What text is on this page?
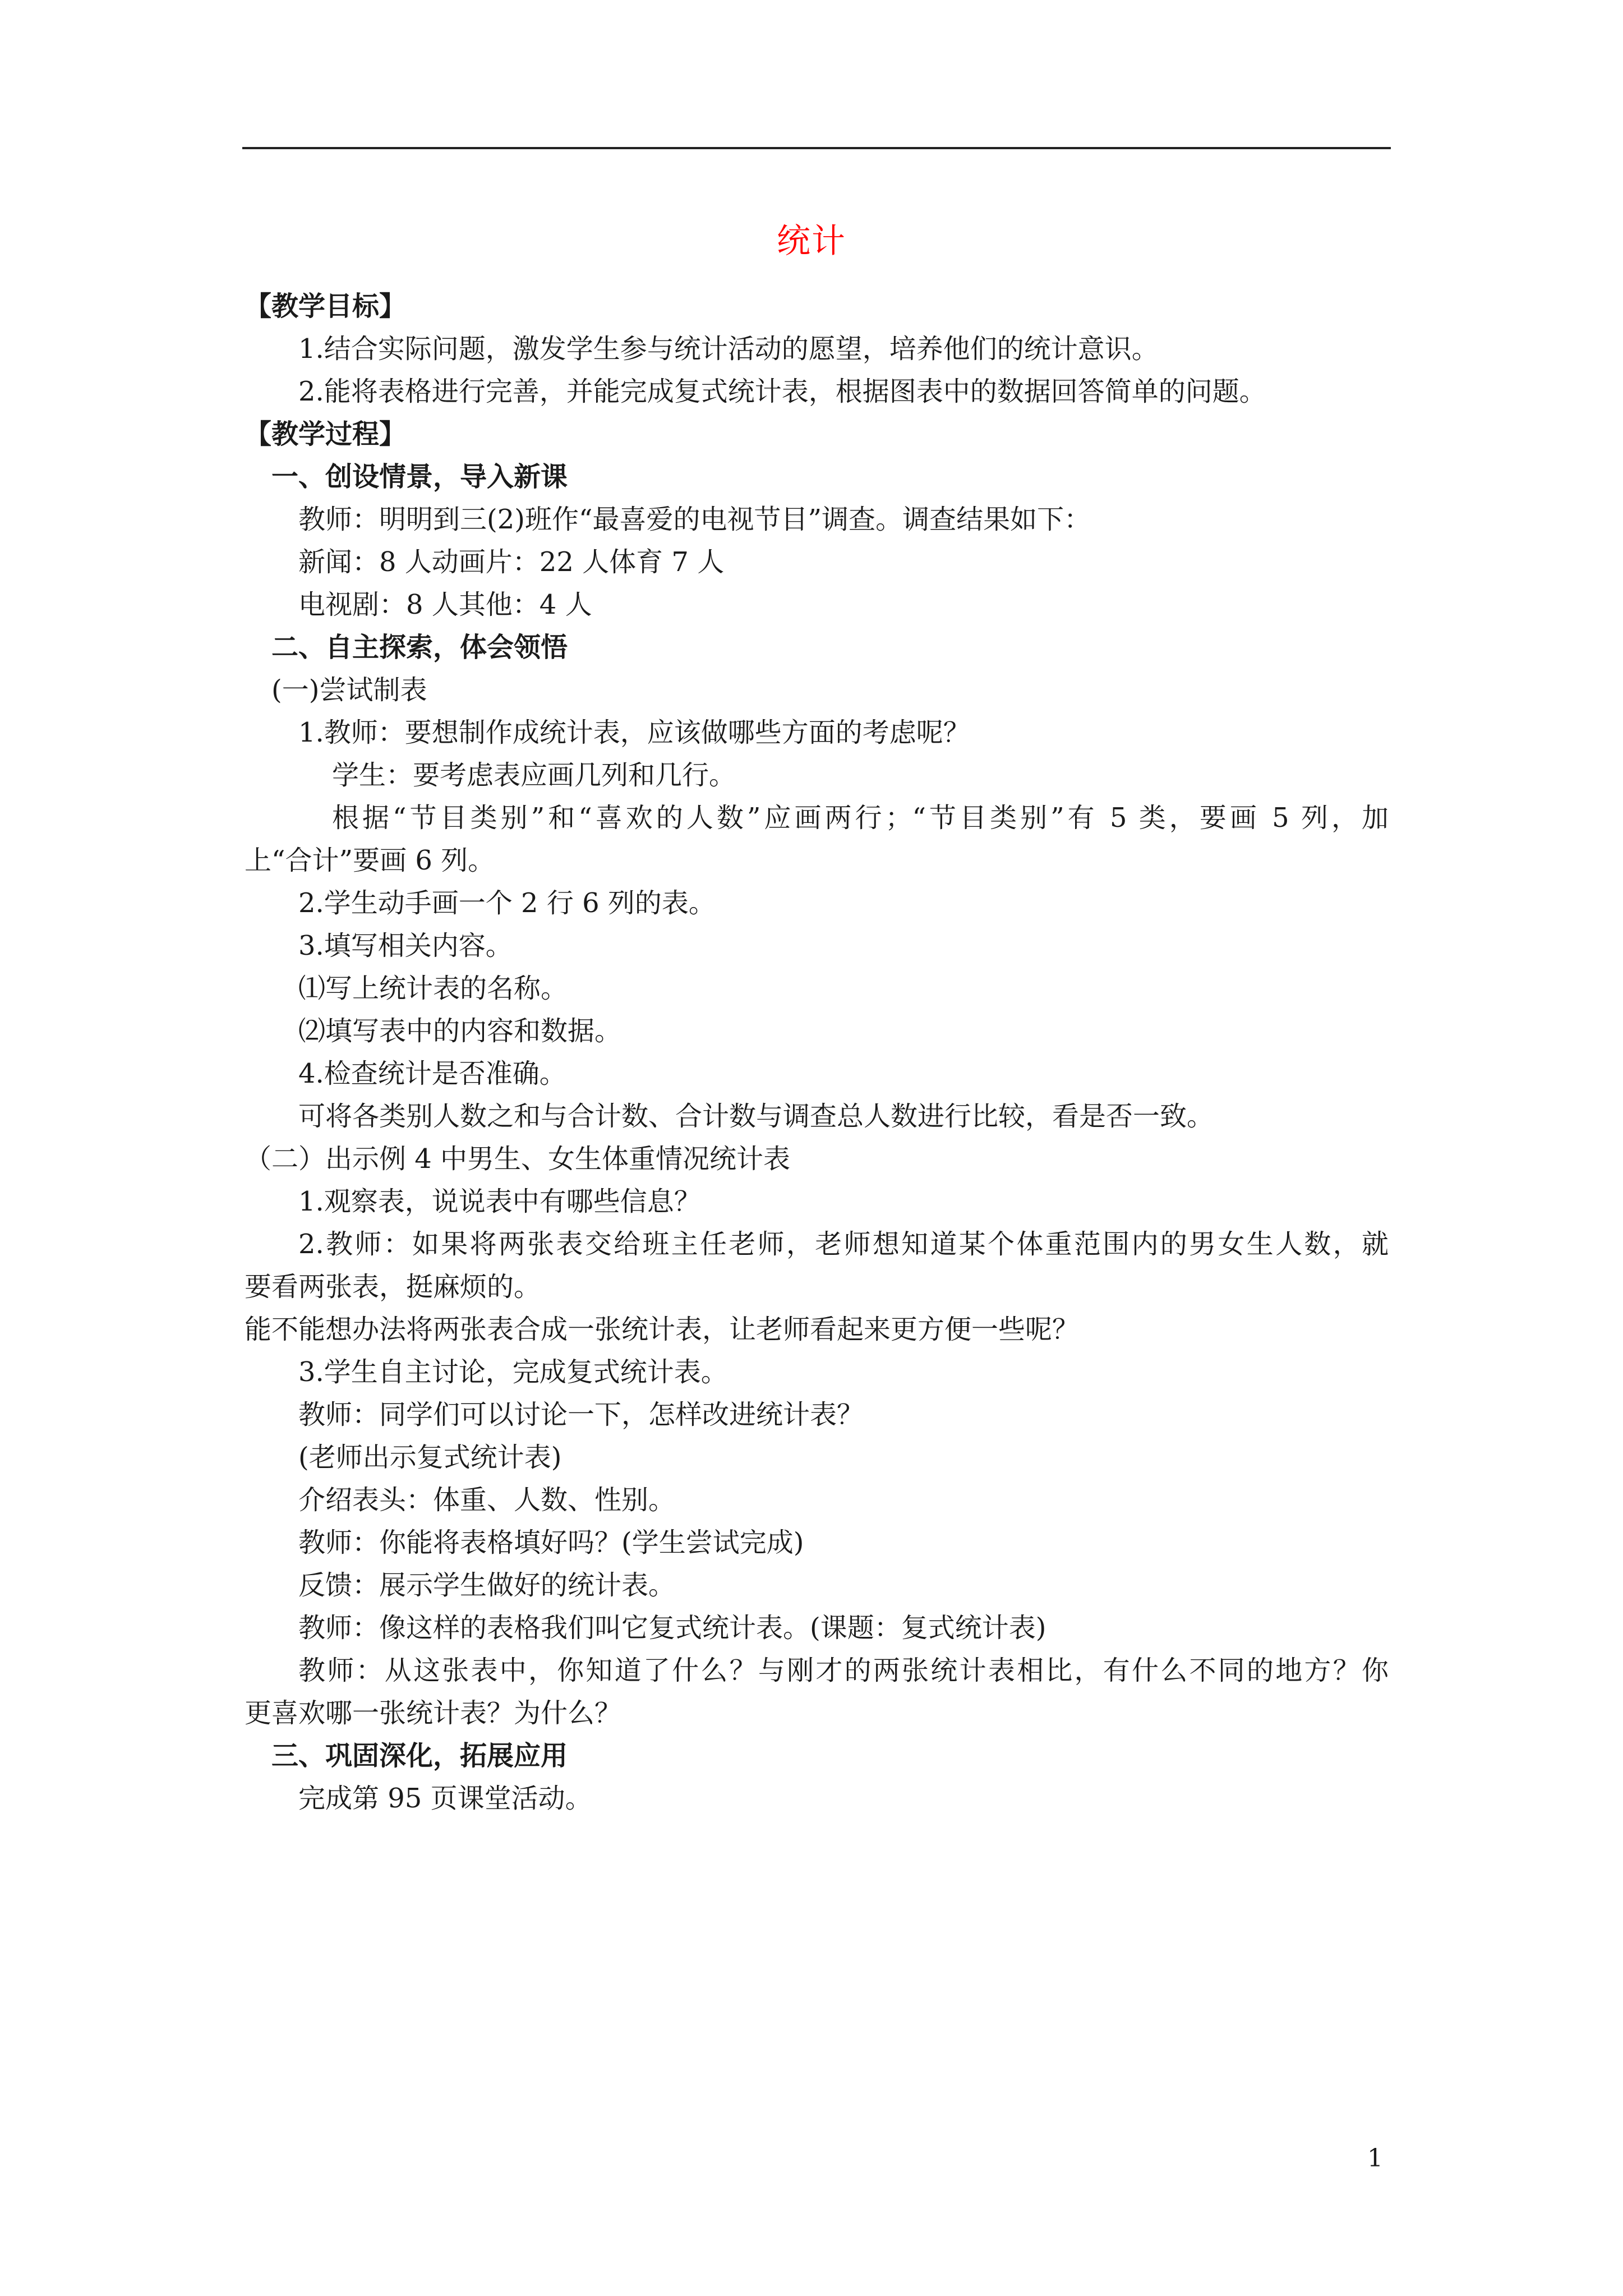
统计
【教学目标】
1.结合实际问题，激发学生参与统计活动的愿望，培养他们的统计意识。
2.能将表格进行完善，并能完成复式统计表，根据图表中的数据回答简单的问题。
【教学过程】
一、创设情景，导入新课
教师：明明到三(2)班作“最喜爱的电视节目”调查。调查结果如下：
新闻：8 人动画片：22 人体育 7 人
电视剧：8 人其他：4 人
二、自主探索，体会领悟
(一)尝试制表
1.教师：要想制作成统计表，应该做哪些方面的考虑呢？
学生：要考虑表应画几列和几行。
根据“节目类别”和“喜欢的人数”应画两行；“节目类别”有 5 类，要画 5 列，加
上“合计”要画 6 列。
2.学生动手画一个 2 行 6 列的表。
3.填写相关内容。
⑴写上统计表的名称。
⑵填写表中的内容和数据。
4.检查统计是否准确。
可将各类别人数之和与合计数、合计数与调查总人数进行比较，看是否一致。
（二）出示例 4 中男生、女生体重情况统计表
1.观察表，说说表中有哪些信息？
2.教师：如果将两张表交给班主任老师，老师想知道某个体重范围内的男女生人数，就
要看两张表，挺麻烦的。
能不能想办法将两张表合成一张统计表，让老师看起来更方便一些呢？
3.学生自主讨论，完成复式统计表。
教师：同学们可以讨论一下，怎样改进统计表？
(老师出示复式统计表)
介绍表头：体重、人数、性别。
教师：你能将表格填好吗？(学生尝试完成)
反馈：展示学生做好的统计表。
教师：像这样的表格我们叫它复式统计表。(课题：复式统计表)
教师：从这张表中，你知道了什么？与刚才的两张统计表相比，有什么不同的地方？你
更喜欢哪一张统计表？为什么？
三、巩固深化，拓展应用
完成第 95 页课堂活动。
1
